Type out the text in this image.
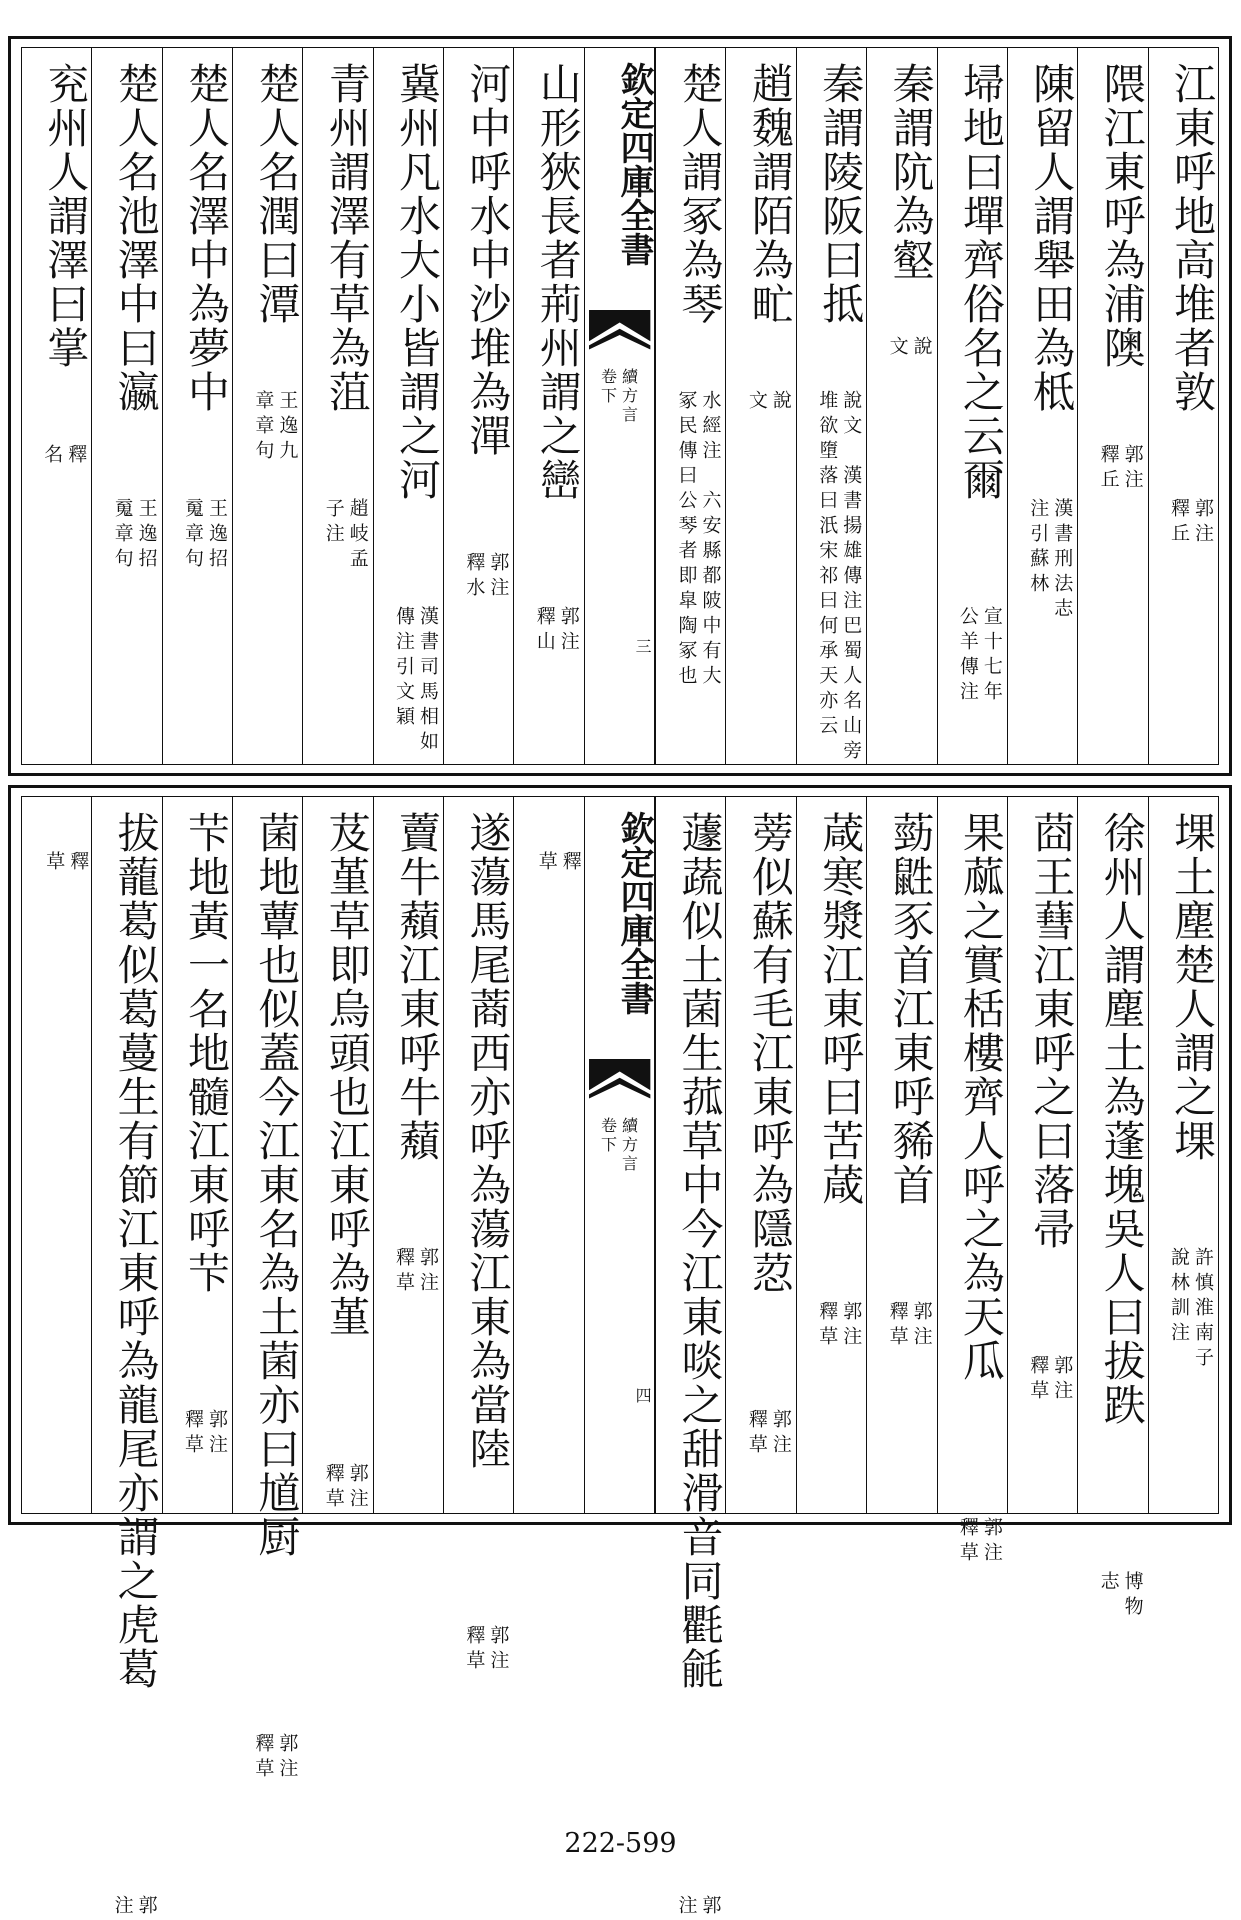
江東呼地高堆者敦
郭注
釋丘
隈江東呼為浦隩
郭注
釋丘
陳留人謂舉田為柢
漢書刑法志
注引蘇林
埽地曰墠齊俗名之云爾
宣十七年
公羊傳注
秦謂阬為壑
說
文
秦謂陵阪曰抵
說文　漢書揚雄傳注巴蜀人名山旁
堆欲墮落曰汦宋祁曰何承天亦云
趙魏謂陌為甿
說
文
楚人謂冢為琴
水經注　六安縣都陂中有大
冢民傳曰公琴者即皐陶冢也
欽定四庫全書
續方言
卷下
三
山形狹長者荊州謂之巒
郭注
釋山
河中呼水中沙堆為潬
郭注
釋水
冀州凡水大小皆謂之河
漢書司馬相如
傳注引文穎
青州謂澤有草為菹
趙岐孟
子注
楚人名潤曰潭
王逸九
章章句
楚人名澤中為夢中
王逸招
䰟章句
楚人名池澤中曰瀛
王逸招
䰟章句
兖州人謂澤曰掌
釋
名
堁土塵楚人謂之堁
許慎淮南子
說林訓注
徐州人謂塵土為蓬塊吳人曰拔跌
博物
志
莔王蔧江東呼之曰落帚
郭注
釋草
果蓏之實栝樓齊人呼之為天瓜
郭注
釋草
葝鼪豕首江東呼豨首
郭注
釋草
葴寒漿江東呼曰苦葴
郭注
釋草
蒡似蘇有毛江東呼為隱荵
郭注
釋草
蘧蔬似土菌生菰草中今江東啖之甜滑音同氍毹
郭
注
欽定四庫全書
續方言
卷下
四
釋
草
遂蕩馬尾蔏西亦呼為蕩江東為當陸
郭注
釋草
藚牛蘈江東呼牛蘈
郭注
釋草
芨堇草即烏頭也江東呼為堇
郭注
釋草
菌地蕈也似蓋今江東名為土菌亦曰馗厨
郭注
釋草
芐地黃一名地髓江東呼芐
郭注
釋草
拔蘢葛似葛蔓生有節江東呼為龍尾亦謂之虎葛
郭
注
釋
草
222-599
